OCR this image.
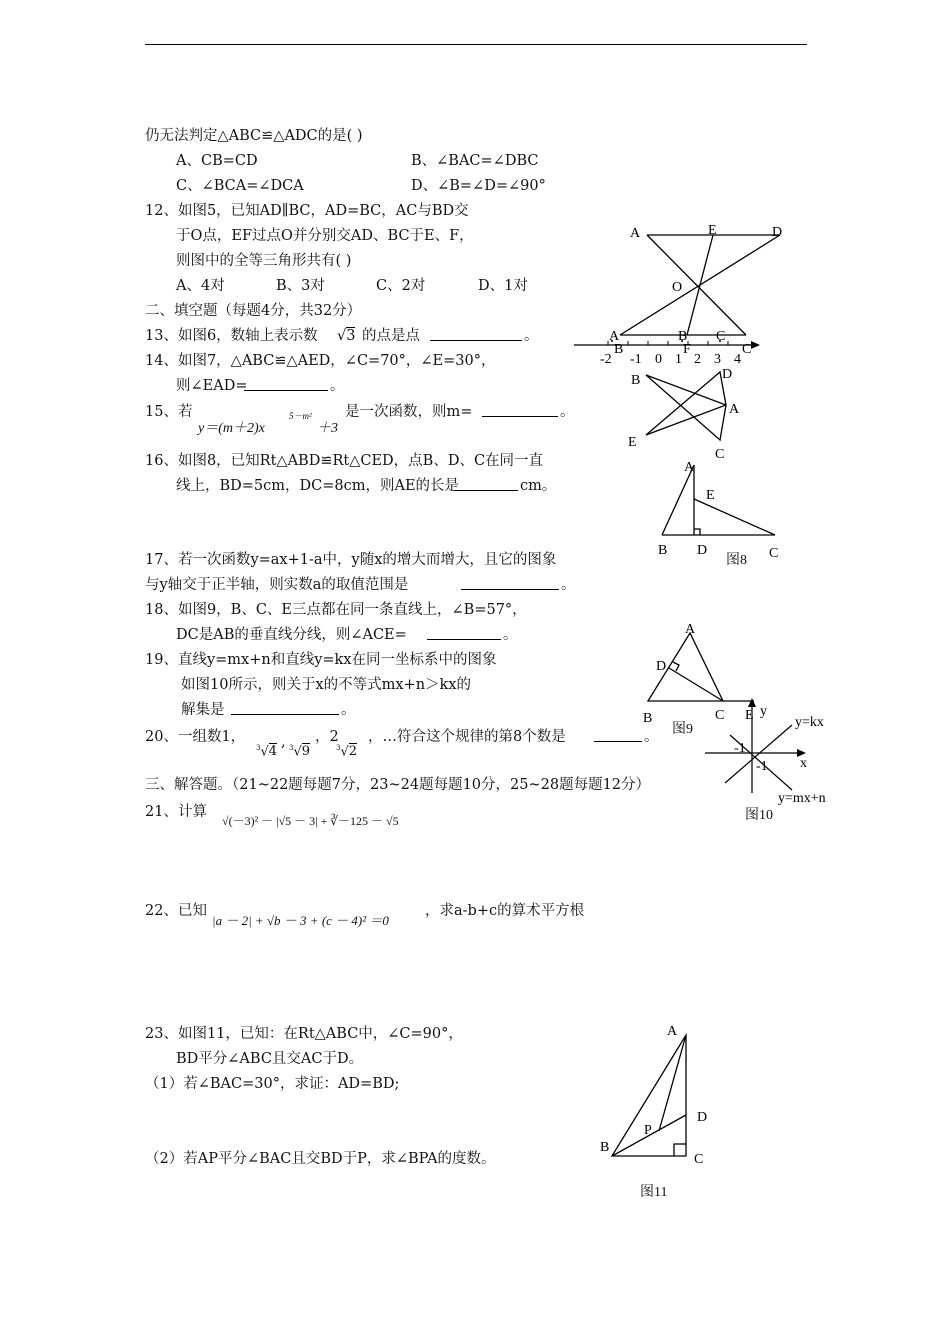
仍无法判定△ABC≌△ADC的是( )
A、CB=CD	B、∠BAC=∠DBC
C、∠BCA=∠DCA	D、∠B=∠D=∠90°
12、如图5，已知AD∥BC，AD=BC，AC与BD交
于O点，EF过点O并分别交AD、BC于E、F，
则图中的全等三角形共有( )
A、4对	B、3对	C、2对	D、1对
二、填空题（每题4分，共32分）
13、如图6，数轴上表示数 √3 的点是点	。
14、如图7，△ABC≌△AED，∠C=70°，∠E=30°，
则∠EAD=	。
15、若
y＝(m＋2)x
5－m²
＋3
是一次函数，则m=	。
16、如图8，已知Rt△ABD≌Rt△CED，点B、D、C在同一直
线上，BD=5cm，DC=8cm，则AE的长是	cm。
17、若一次函数y=ax+1-a中，y随x的增大而增大，且它的图象
与y轴交于正半轴，则实数a的取值范围是	。
18、如图9，B、C、E三点都在同一条直线上，∠B=57°，
DC是AB的垂直线分线，则∠ACE=	。
19、直线y=mx+n和直线y=kx在同一坐标系中的图象
如图10所示，则关于x的不等式mx+n＞kx的
解集是	。
20、一组数1，
$^3$√4
, $^3$√9
，2
$^3$√2
，…符合这个规律的第8个数是	。
三、解答题。（21~22题每题7分，23~24题每题10分，25~28题每题12分）
21、计算
√(－3)² － |√5 － 3| + ∛－125 － √5
22、已知
|a － 2| + √b － 3 + (c － 4)² ＝0
，求a-b+c的算术平方根
23、如图11，已知：在Rt△ABC中，∠C=90°，
BD平分∠ABC且交AC于D。
（1）若∠BAC=30°，求证：AD=BD;
（2）若AP平分∠BAC且交BD于P，求∠BPA的度数。
A	E	D
O
B	F	C
A	B C
-2 -1 0 1 2 3 4
B	D
A
E
C
A
E
B D	C
图8
A
D
B	C E
图9
y
x
y=kx
y=mx+n
-1
-1
图10
A
D
P
B
C
图11
